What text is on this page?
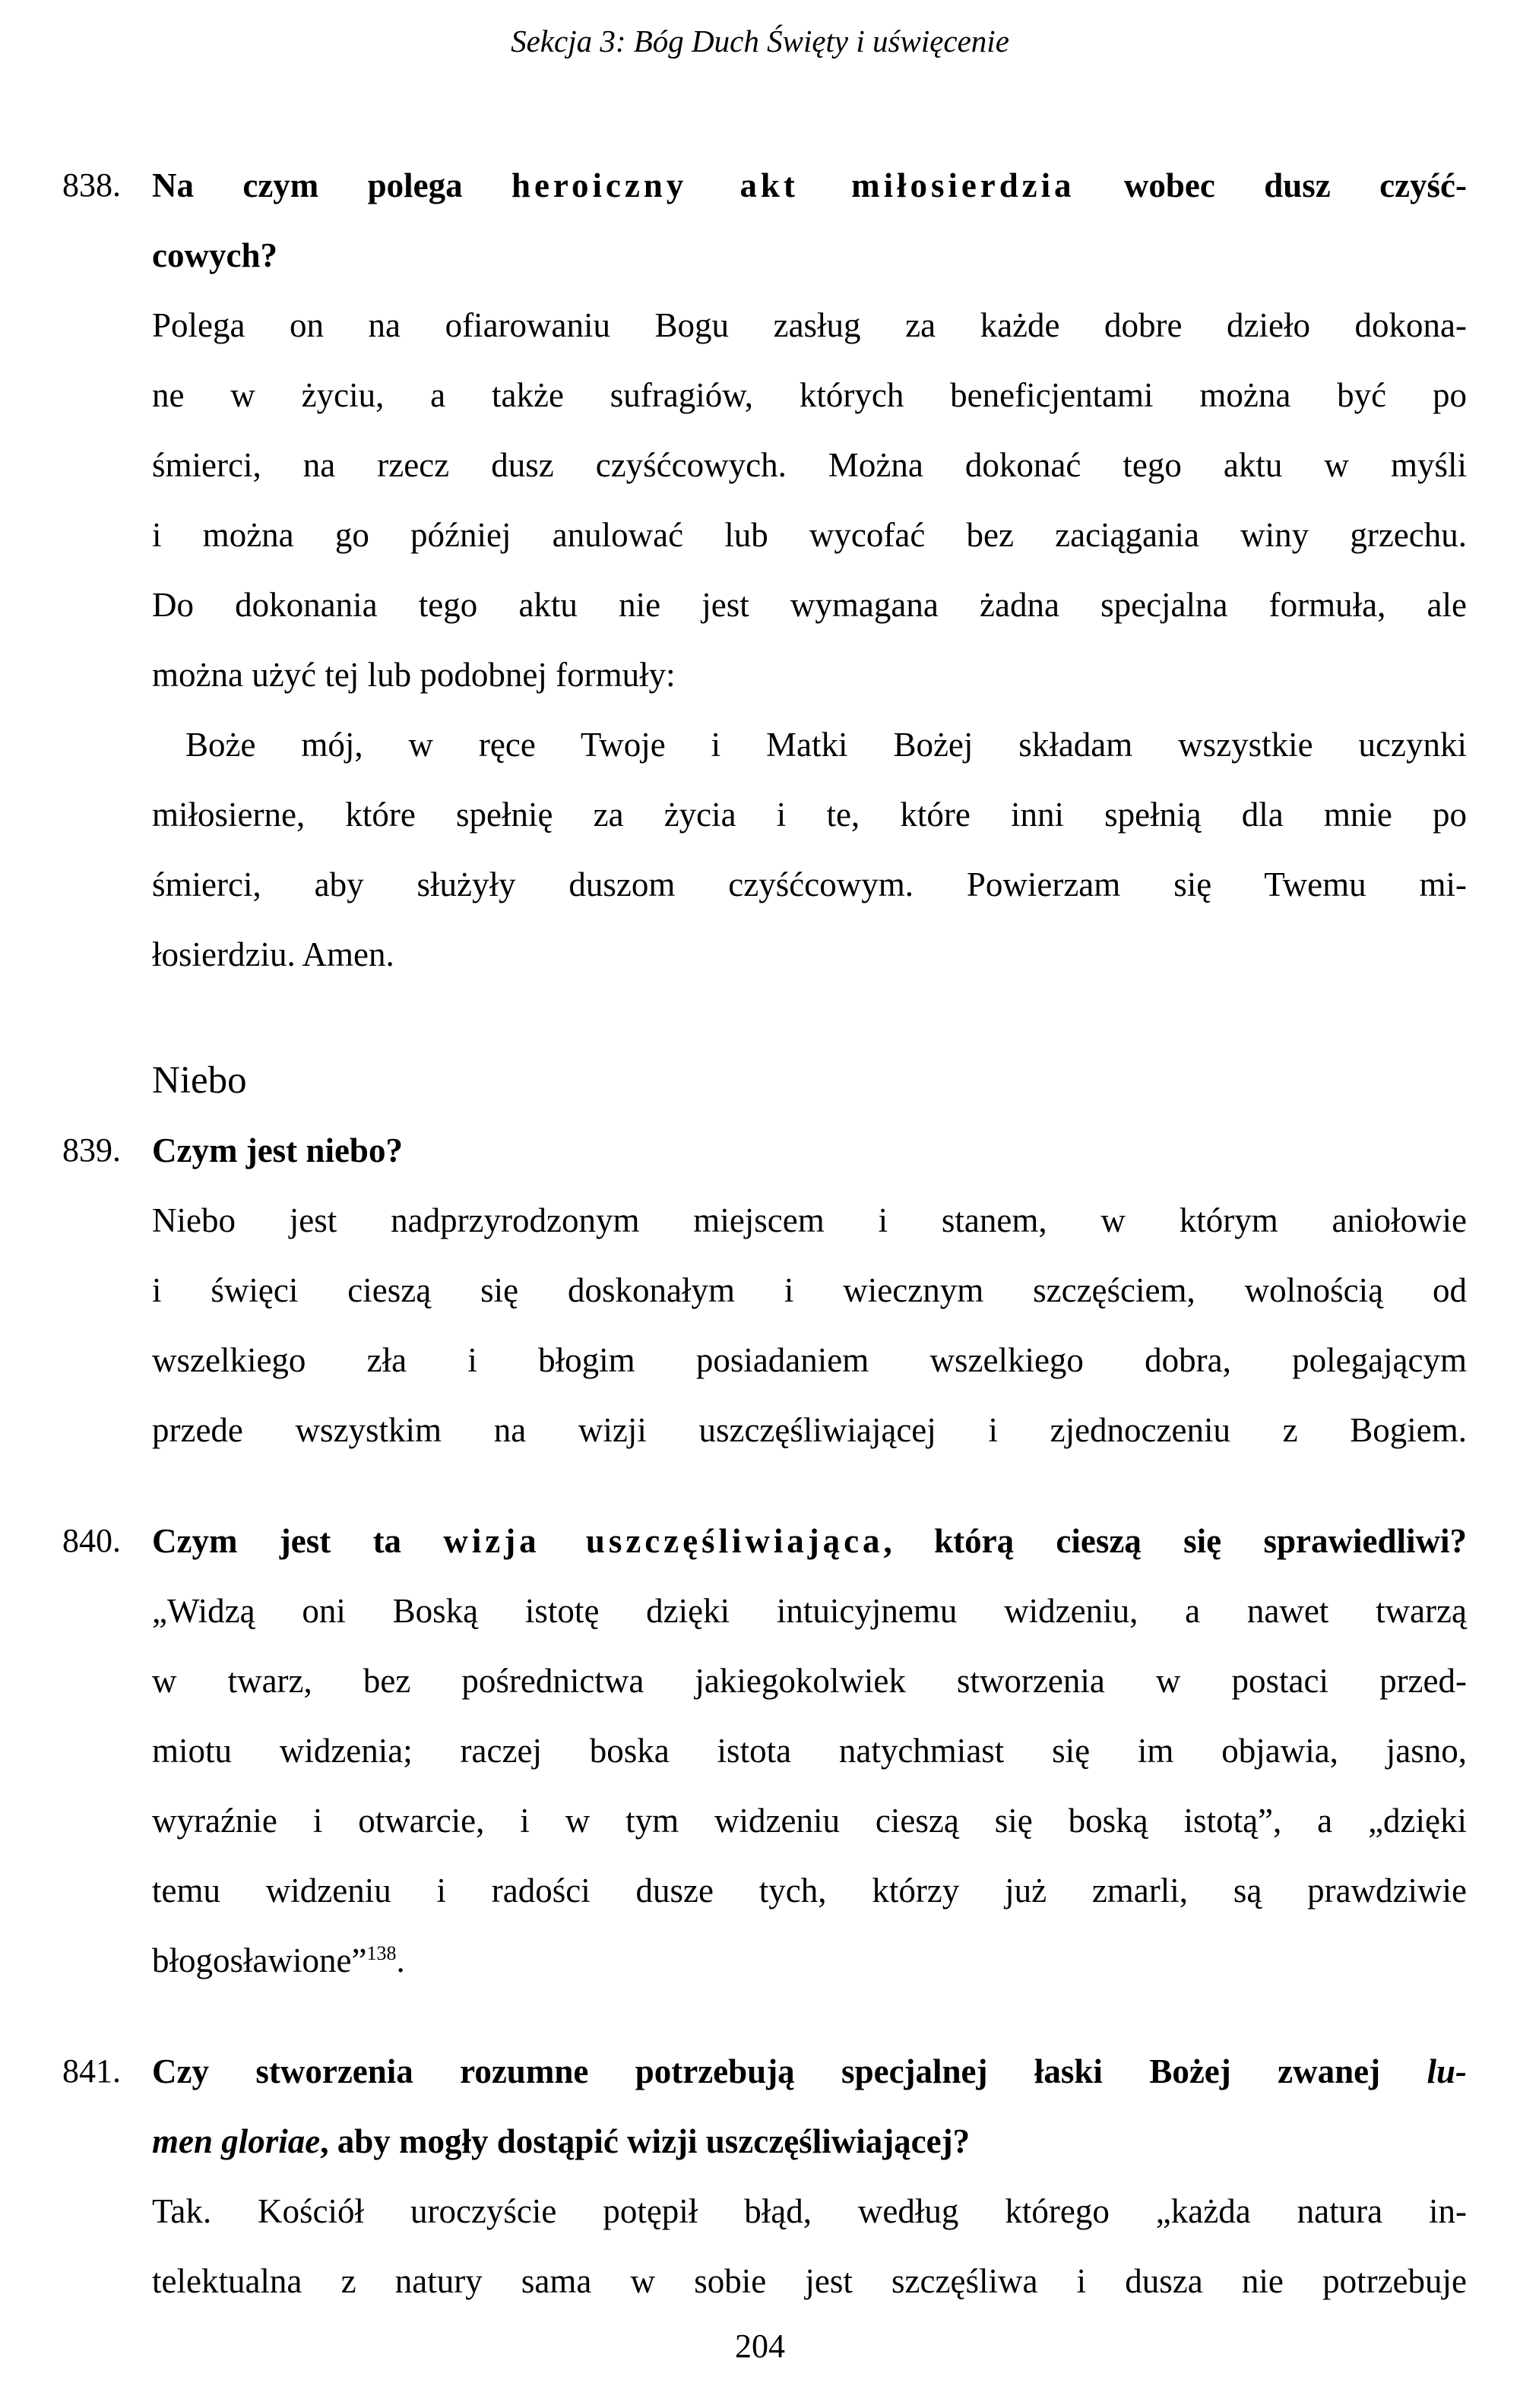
Sekcja 3: Bóg Duch Święty i uświęcenie
838. Na czym polega heroiczny akt miłosierdzia wobec dusz czyść-
cowych?
Polega on na ofiarowaniu Bogu zasług za każde dobre dzieło dokona-
ne w życiu, a także sufragiów, których beneficjentami można być po
śmierci, na rzecz dusz czyśćcowych. Można dokonać tego aktu w myśli
i można go później anulować lub wycofać bez zaciągania winy grzechu.
Do dokonania tego aktu nie jest wymagana żadna specjalna formuła, ale
można użyć tej lub podobnej formuły:
Boże mój, w ręce Twoje i Matki Bożej składam wszystkie uczynki
miłosierne, które spełnię za życia i te, które inni spełnią dla mnie po
śmierci, aby służyły duszom czyśćcowym. Powierzam się Twemu mi-
łosierdziu. Amen.
Niebo
839. Czym jest niebo?
Niebo jest nadprzyrodzonym miejscem i stanem, w którym aniołowie
i święci cieszą się doskonałym i wiecznym szczęściem, wolnością od
wszelkiego zła i błogim posiadaniem wszelkiego dobra, polegającym
przede wszystkim na wizji uszczęśliwiającej i zjednoczeniu z Bogiem.
840. Czym jest ta wizja uszczęśliwiająca, którą cieszą się sprawiedliwi?
„Widzą oni Boską istotę dzięki intuicyjnemu widzeniu, a nawet twarzą
w twarz, bez pośrednictwa jakiegokolwiek stworzenia w postaci przed-
miotu widzenia; raczej boska istota natychmiast się im objawia, jasno,
wyraźnie i otwarcie, i w tym widzeniu cieszą się boską istotą”, a „dzięki
temu widzeniu i radości dusze tych, którzy już zmarli, są prawdziwie
błogosławione”$^{138}$.
841. Czy stworzenia rozumne potrzebują specjalnej łaski Bożej zwanej lu-
men gloriae, aby mogły dostąpić wizji uszczęśliwiającej?
Tak. Kościół uroczyście potępił błąd, według którego „każda natura in-
telektualna z natury sama w sobie jest szczęśliwa i dusza nie potrzebuje
204
